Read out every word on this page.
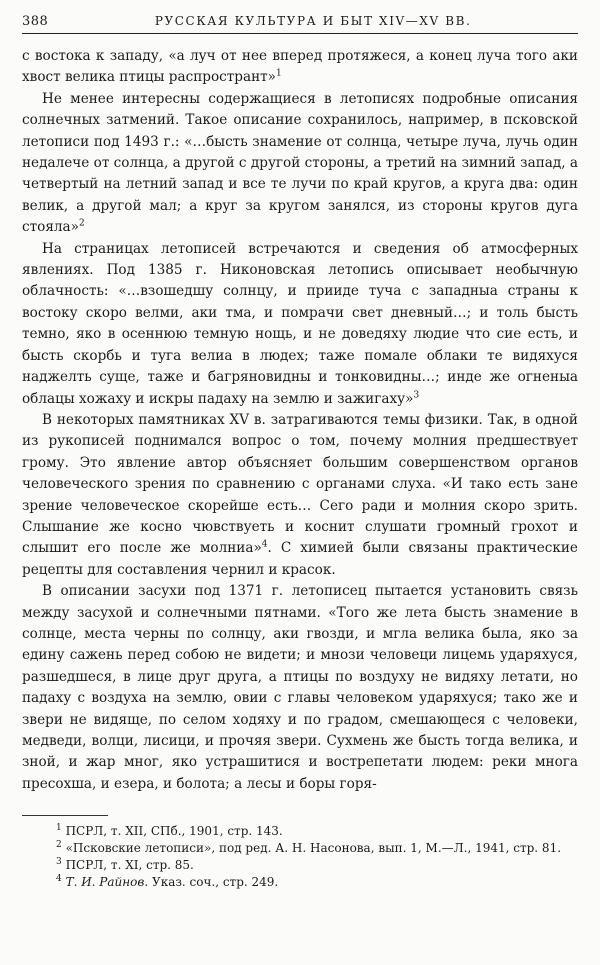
388	РУССКАЯ КУЛЬТУРА И БЫТ XIV—XV ВВ.

с востока к западу, «а луч от нее вперед протяжеся, а конец луча того аки хвост велика птицы распространт»$^1$

Не менее интересны содержащиеся в летописях подробные описания солнечных затмений. Такое описание сохранилось, например, в псковской летописи под 1493 г.: «…бысть знамение от солнца, четыре луча, лучь один недалече от солнца, а другой с другой стороны, а третий на зимний запад, а четвертый на летний запад и все те лучи по край кругов, а круга два: один велик, а другой мал; а круг за кругом занялся, из стороны кругов дуга стояла»$^2$

На страницах летописей встречаются и сведения об атмосферных явлениях. Под 1385 г. Никоновская летопись описывает необычную облачность: «…взошедшу солнцу, и прииде туча с западныа страны к востоку скоро велми, аки тма, и помрачи свет дневный…; и толь бысть темно, яко в осеннюю темную нощь, и не доведяху людие что сие есть, и бысть скорбь и туга велиа в людех; таже помале облаки те видяхуся наджелть суще, таже и багряновидны и тонковидны…; инде же огненыа облацы хожаху и искры падаху на землю и зажигаху»$^3$

В некоторых памятниках XV в. затрагиваются темы физики. Так, в одной из рукописей поднимался вопрос о том, почему молния предшествует грому. Это явление автор объясняет большим совершенством органов человеческого зрения по сравнению с органами слуха. «И тако есть зане зрение человеческое скорейше есть… Сего ради и молния скоро зрить. Слышание же косно чювствуеть и коснит слушати громный грохот и слышит его после же молниа»$^4$. С химией были связаны практические рецепты для составления чернил и красок.

В описании засухи под 1371 г. летописец пытается установить связь между засухой и солнечными пятнами. «Того же лета бысть знамение в солнце, места черны по солнцу, аки гвозди, и мгла велика была, яко за едину сажень перед собою не видети; и мнози человеци лицемь ударяхуся, разшедшеся, в лице друг друга, а птицы по воздуху не видяху летати, но падаху с воздуха на землю, овии с главы человеком ударяхуся; тако же и звери не видяще, по селом ходяху и по градом, смешающеся с человеки, медведи, волци, лисици, и прочяя звери. Сухмень же бысть тогда велика, и зной, и жар мног, яко устрашитися и вострепетати людем: реки многа пресохша, и езера, и болота; а лесы и боры горя-

$^1$ ПСРЛ, т. XII, СПб., 1901, стр. 143.

$^2$ «Псковские летописи», под ред. А. Н. Насонова, вып. 1, М.—Л., 1941, стр. 81.

$^3$ ПСРЛ, т. XI, стр. 85.

$^4$ Т. И. Райнов. Указ. соч., стр. 249.
